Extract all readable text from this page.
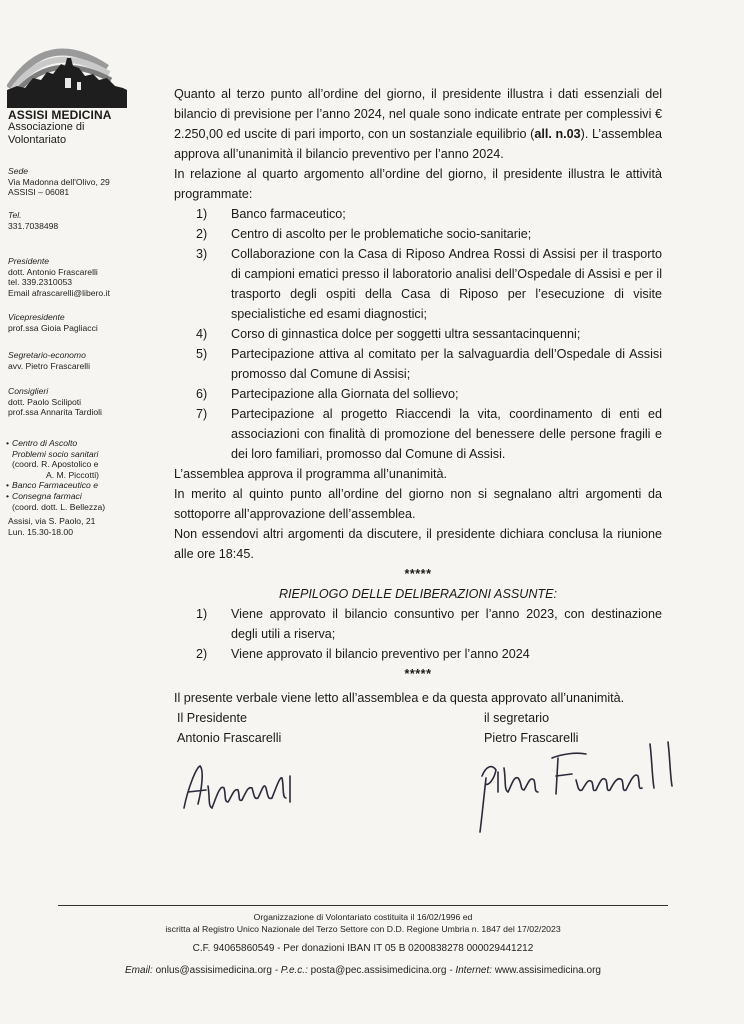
ASSISI MEDICINA
Associazione di Volontariato
Sede
Via Madonna dell'Olivo, 29
ASSISI – 06081
Tel.
331.7038498
Presidente
dott. Antonio Frascarelli
tel. 339.2310053
Email afrascarelli@libero.it
Vicepresidente
prof.ssa Gioia Pagliacci
Segretario-economo
avv. Pietro Frascarelli
Consiglieri
dott. Paolo Scilipoti
prof.ssa Annarita Tardioli
• Centro di Ascolto
Problemi socio sanitari
(coord. R. Apostolico e
A. M. Piccotti)
• Banco Farmaceutico e
• Consegna farmaci
(coord. dott. L. Bellezza)
Assisi, via S. Paolo, 21
Lun. 15.30-18.00

Quanto al terzo punto all’ordine del giorno, il presidente illustra i dati essenziali del bilancio di previsione per l’anno 2024, nel quale sono indicate entrate per complessivi € 2.250,00 ed uscite di pari importo, con un sostanziale equilibrio (all. n.03). L’assemblea approva all’unanimità il bilancio preventivo per l’anno 2024.

In relazione al quarto argomento all’ordine del giorno, il presidente illustra le attività programmate:

1) Banco farmaceutico;
2) Centro di ascolto per le problematiche socio-sanitarie;
3) Collaborazione con la Casa di Riposo Andrea Rossi di Assisi per il trasporto di campioni ematici presso il laboratorio analisi dell’Ospedale di Assisi e per il trasporto degli ospiti della Casa di Riposo per l’esecuzione di visite specialistiche ed esami diagnostici;
4) Corso di ginnastica dolce per soggetti ultra sessantacinquenni;
5) Partecipazione attiva al comitato per la salvaguardia dell’Ospedale di Assisi promosso dal Comune di Assisi;
6) Partecipazione alla Giornata del sollievo;
7) Partecipazione al progetto Riaccendi la vita, coordinamento di enti ed associazioni con finalità di promozione del benessere delle persone fragili e dei loro familiari, promosso dal Comune di Assisi.

L’assemblea approva il programma all’unanimità.

In merito al quinto punto all’ordine del giorno non si segnalano altri argomenti da sottoporre all’approvazione dell’assemblea.

Non essendovi altri argomenti da discutere, il presidente dichiara conclusa la riunione alle ore 18:45.

*****
RIEPILOGO DELLE DELIBERAZIONI ASSUNTE:
1) Viene approvato il bilancio consuntivo per l’anno 2023, con destinazione degli utili a riserva;
2) Viene approvato il bilancio preventivo per l’anno 2024
*****

Il presente verbale viene letto all’assemblea e da questa approvato all’unanimità.

Il Presidente
Antonio Frascarelli
il segretario
Pietro Frascarelli
Organizzazione di Volontariato costituita il 16/02/1996 ed
iscritta al Registro Unico Nazionale del Terzo Settore con D.D. Regione Umbria n. 1847 del 17/02/2023
C.F. 94065860549 - Per donazioni IBAN IT 05 B 0200838278 000029441212
Email: onlus@assisimedicina.org - P.e.c.: posta@pec.assisimedicina.org - Internet: www.assisimedicina.org
